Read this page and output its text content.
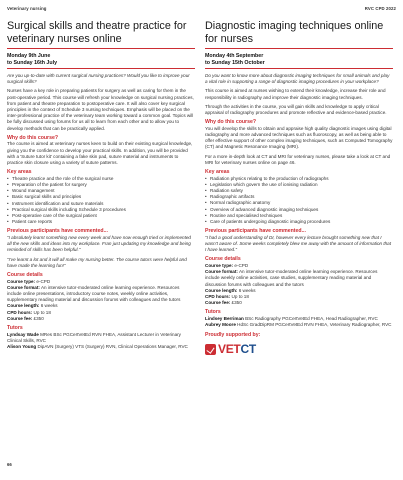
Veterinary nursing	RVC CPD 2022
Surgical skills and theatre practice for veterinary nurses online
Monday 9th June
to Sunday 16th July

Are you up-to-date with current surgical nursing practices? Would you like to improve your surgical skills?

Nurses have a key role in preparing patients for surgery as well as caring for them in the post-operative period. This course will refresh your knowledge on surgical nursing practices, from patient and theatre preparation to postoperative care. It will also cover key surgical principles in the context of Schedule 3 nursing techniques. Emphasis will be placed on the inter-professional practice of the veterinary team working toward a common goal. Topics will be fully discussed using forums for us all to learn from each other and to allow you to develop methods that can be practically applied.

Why do this course?

The course is aimed at veterinary nurses keen to build on their existing surgical knowledge, giving you the confidence to develop your practical skills. In addition, you will be provided with a 'Suture tutor kit' containing a fake skin pad, suture material and instruments to practice skin closure using a variety of suture patterns.

Key areas
• Theatre practice and the role of the surgical nurse
• Preparation of the patient for surgery
• Wound management
• Basic surgical skills and principles
• Instrument identification and suture materials
• Practical surgical skills including Schedule 3 procedures
• Post-operative care of the surgical patient
• Patient care reports
Previous participants have commented...

"I absolutely learnt something new every week and have now enough tried or implemented all the new skills and ideas into my workplace. Fran just updating my knowledge and being reminded of skills has been helpful."

"I've learnt a lot and it will all make my nursing better. The course tutors were helpful and have made the learning fun!"

Course details
Course type: e-CPD
Course format: An intensive tutor-moderated online learning experience. Resources include online presentations, introductory course notes, weekly online activities, supplementary reading material and discussion forums with colleagues and the tutors
Course length: 6 weeks
CPD hours: Up to 18
Course fee: £350
Tutors
Lyndsay Wade MRes BSc PGCertVetEd RVN FHEA, Assistant Lecturer in Veterinary Clinical Skills, RVC
Alison Young DipAVN (Surgery) VTS (Surgery) RVN, Clinical Operations Manager, RVC
Diagnostic imaging techniques online for nurses
Monday 4th September
to Sunday 15th October

Do you want to know more about diagnostic imaging techniques for small animals and play a vital role in supporting a range of diagnostic imaging procedures in your workplace?

This course is aimed at nurses wishing to extend their knowledge, increase their role and responsibility in radiography and improve their diagnostic imaging techniques.

Through the activities in the course, you will gain skills and knowledge to apply critical appraisal of radiography procedures and promote reflective and evidence-based practice.

Why do this course?

You will develop the skills to obtain and appraise high quality diagnostic images using digital radiography and more advanced techniques such as fluoroscopy, as well as being able to offer effective support of other complex imaging techniques, such as Computed Tomography (CT) and Magnetic Resonance Imaging (MRI).

For a more in-depth look at CT and MRI for veterinary nurses, please take a look at CT and MRI for veterinary nurses online on page 46.

Key areas
• Radiation physics relating to the production of radiographs
• Legislation which govern the use of ionising radiation
• Radiation safety
• Radiographic artifacts
• Normal radiographic anatomy
• Overview of advanced diagnostic imaging techniques
• Routine and specialised techniques
• Care of patients undergoing diagnostic imaging procedures
Previous participants have commented...

"I had a good understanding of DI, however every lecture brought something new that I wasn't aware of. Some weeks completely blew me away with the amount of information that I have learned."

Course details
Course type: e-CPD
Course format: An intensive tutor-moderated online learning experience. Resources include weekly online activities, case studies, supplementary reading material and discussion forums with colleagues and the tutors
Course length: 6 weeks
CPD hours: Up to 18
Course fee: £350
Tutors
Lindsey Berriman BSc Radiography PGCertVetEd FHEA, Head Radiographer, RVC
Aubrey Moore HdSc GradDipRM PGCertVetEd RVN FHEA, Veterinary Radiographer, RVC
Proudly supported by:
VETCT
66
